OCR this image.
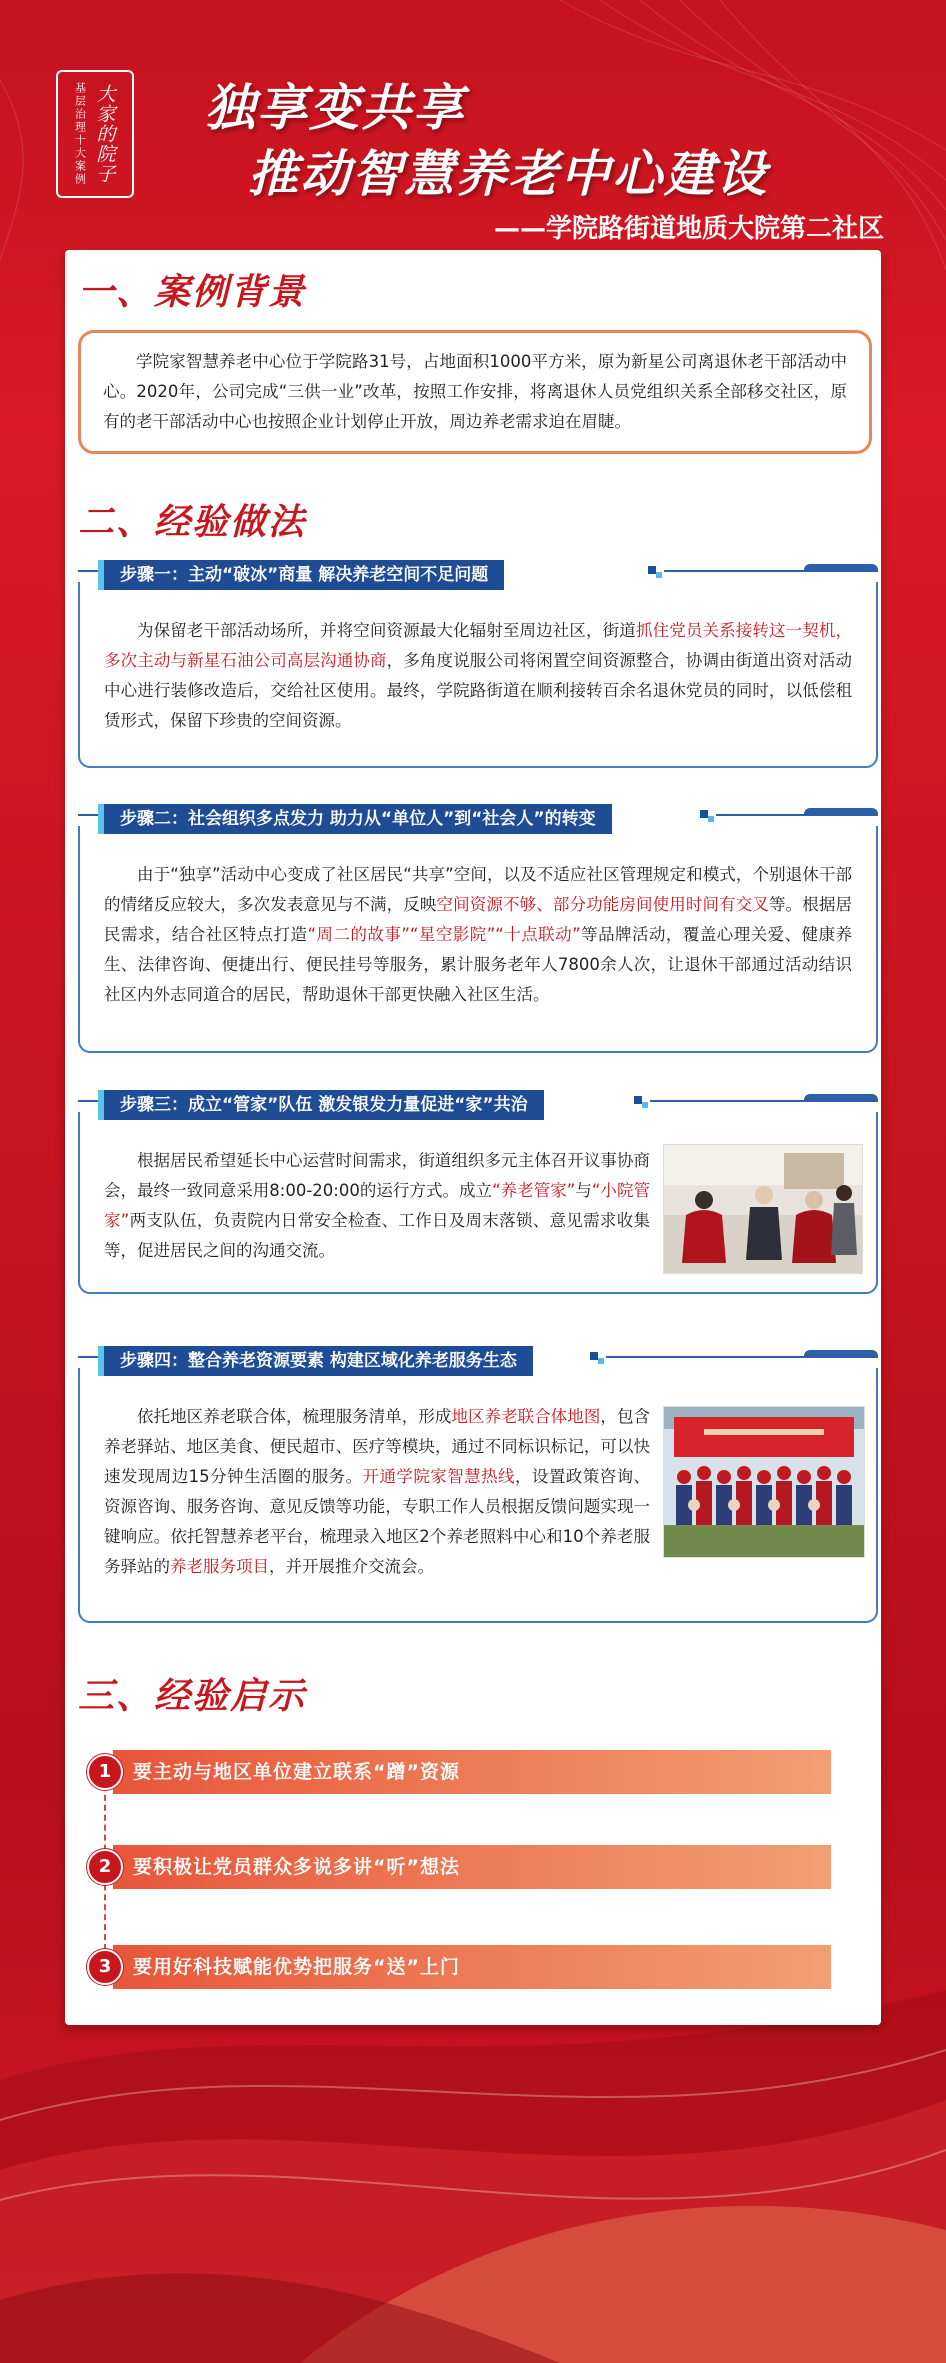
大家的院子
基层治理十大案例 独享变共享
推动智慧养老中心建设

——学院路街道地质大院第二社区

一、案例背景

学院家智慧养老中心位于学院路31号，占地面积1000平方米，原为新星公司离退休老干部活动中心。2020年，公司完成“三供一业”改革，按照工作安排，将离退休人员党组织关系全部移交社区，原有的老干部活动中心也按照企业计划停止开放，周边养老需求迫在眉睫。

二、经验做法
步骤一：主动“破冰”商量 解决养老空间不足问题

为保留老干部活动场所，并将空间资源最大化辐射至周边社区，街道抓住党员关系接转这一契机，多次主动与新星石油公司高层沟通协商，多角度说服公司将闲置空间资源整合，协调由街道出资对活动中心进行装修改造后，交给社区使用。最终，学院路街道在顺利接转百余名退休党员的同时，以低偿租赁形式，保留下珍贵的空间资源。

步骤二：社会组织多点发力 助力从“单位人”到“社会人”的转变

由于“独享”活动中心变成了社区居民“共享”空间，以及不适应社区管理规定和模式，个别退休干部的情绪反应较大，多次发表意见与不满，反映空间资源不够、部分功能房间使用时间有交叉等。根据居民需求，结合社区特点打造“周二的故事”“星空影院”“十点联动”等品牌活动，覆盖心理关爱、健康养生、法律咨询、便捷出行、便民挂号等服务，累计服务老年人7800余人次，让退休干部通过活动结识社区内外志同道合的居民，帮助退休干部更快融入社区生活。

步骤三：成立“管家”队伍 激发银发力量促进“家”共治

根据居民希望延长中心运营时间需求，街道组织多元主体召开议事协商会，最终一致同意采用8:00-20:00的运行方式。成立“养老管家”与“小院管家”两支队伍，负责院内日常安全检查、工作日及周末落锁、意见需求收集等，促进居民之间的沟通交流。

步骤四：整合养老资源要素 构建区域化养老服务生态

依托地区养老联合体，梳理服务清单，形成地区养老联合体地图，包含养老驿站、地区美食、便民超市、医疗等模块，通过不同标识标记，可以快速发现周边15分钟生活圈的服务。开通学院家智慧热线，设置政策咨询、资源咨询、服务咨询、意见反馈等功能，专职工作人员根据反馈问题实现一键响应。依托智慧养老平台，梳理录入地区2个养老照料中心和10个养老服务驿站的养老服务项目，并开展推介交流会。

三、经验启示
要主动与地区单位建立联系“蹭”资源
1
要积极让党员群众多说多讲“听”想法
2
要用好科技赋能优势把服务“送”上门
3
